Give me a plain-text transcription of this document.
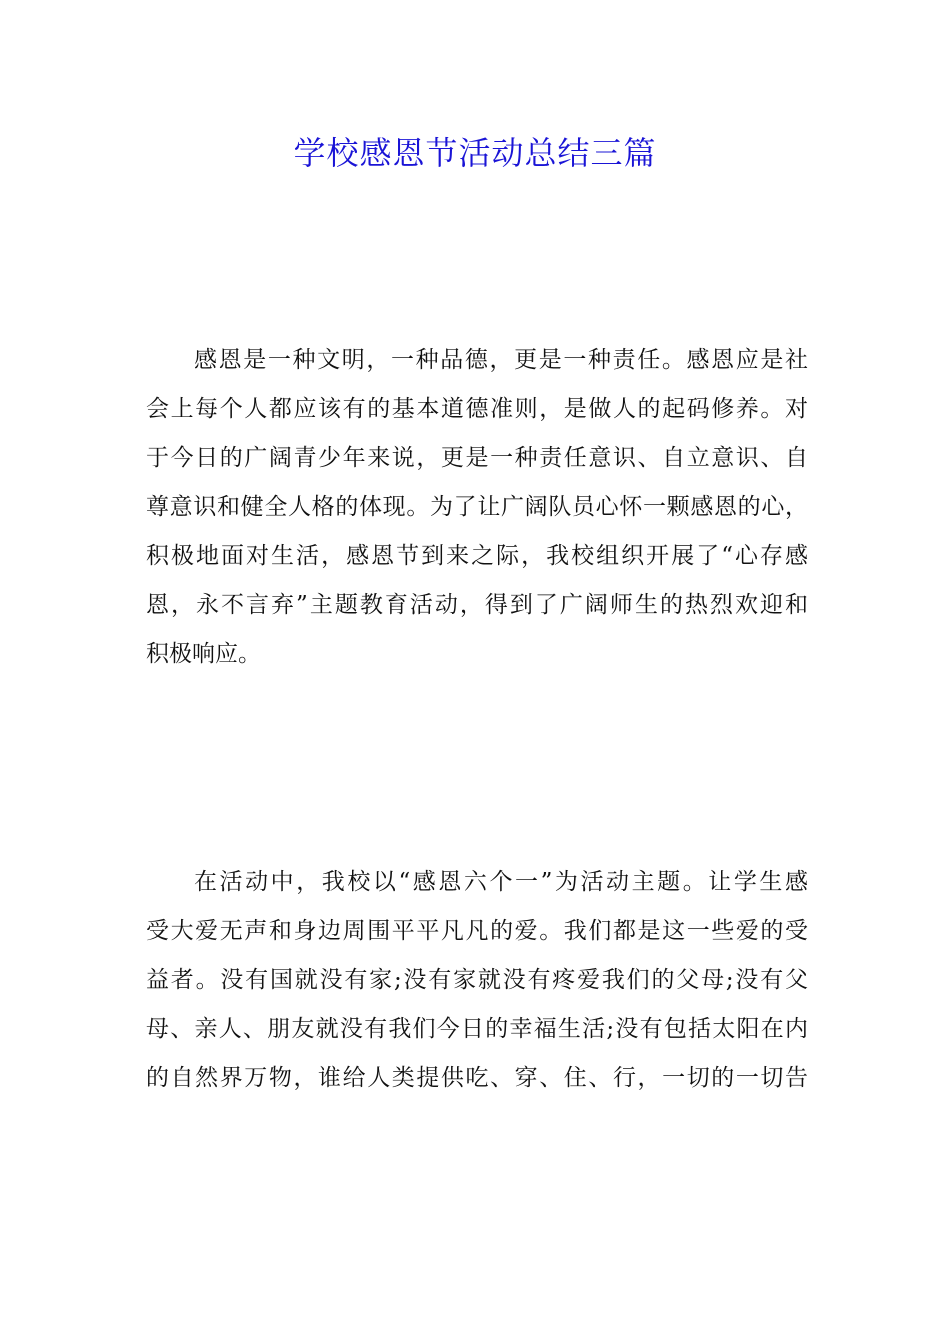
学校感恩节活动总结三篇
感恩是一种文明，一种品德，更是一种责任。感恩应是社
会上每个人都应该有的基本道德准则，是做人的起码修养。对
于今日的广阔青少年来说，更是一种责任意识、自立意识、自
尊意识和健全人格的体现。为了让广阔队员心怀一颗感恩的心，
积极地面对生活，感恩节到来之际，我校组织开展了“心存感
恩，永不言弃”主题教育活动，得到了广阔师生的热烈欢迎和
积极响应。
在活动中，我校以“感恩六个一”为活动主题。让学生感
受大爱无声和身边周围平平凡凡的爱。我们都是这一些爱的受
益者。没有国就没有家;没有家就没有疼爱我们的父母;没有父
母、亲人、朋友就没有我们今日的幸福生活;没有包括太阳在内
的自然界万物，谁给人类提供吃、穿、住、行，一切的一切告
